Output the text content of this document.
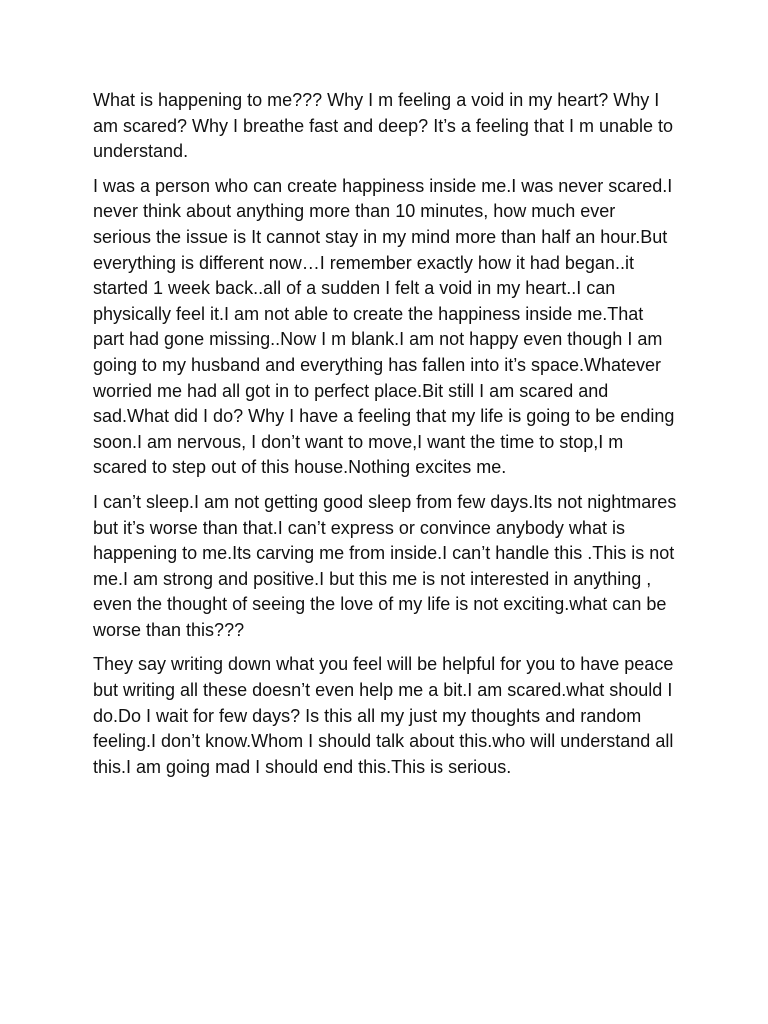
What is happening to me??? Why I m feeling a void in my heart? Why I am scared? Why I breathe fast and deep? It’s a feeling that I m unable to understand.

I was a person who can create happiness inside me.I was never scared.I never think about anything more than 10 minutes, how much ever serious the issue is It cannot stay in my mind more than half an hour.But everything is different now…I remember exactly how it had began..it started 1 week back..all of a sudden I felt a void in my heart..I can physically feel it.I am not able to create the happiness inside me.That part had gone missing..Now I m blank.I am not happy even though I am going to my husband and everything has fallen into it’s space.Whatever worried me had all got in to perfect place.Bit still I am scared and sad.What did I do? Why I have a feeling that my life is going to be ending soon.I am nervous, I don’t want to move,I want the time to stop,I m scared to step out of this house.Nothing excites me.

I can’t sleep.I am not getting good sleep from few days.Its not nightmares but it’s worse than that.I can’t express or convince anybody what is happening to me.Its carving me from inside.I can’t handle this .This is not me.I am strong and positive.I but this me is not interested in anything , even the thought of seeing the love of my life is not exciting.what can be worse than this???

They say writing down what you feel will be helpful for you to have peace but writing all these doesn’t even help me a bit.I am scared.what should I do.Do I wait for few days? Is this all my just my thoughts and random feeling.I don’t know.Whom I should talk about this.who will understand all this.I am going mad I should end this.This is serious.
